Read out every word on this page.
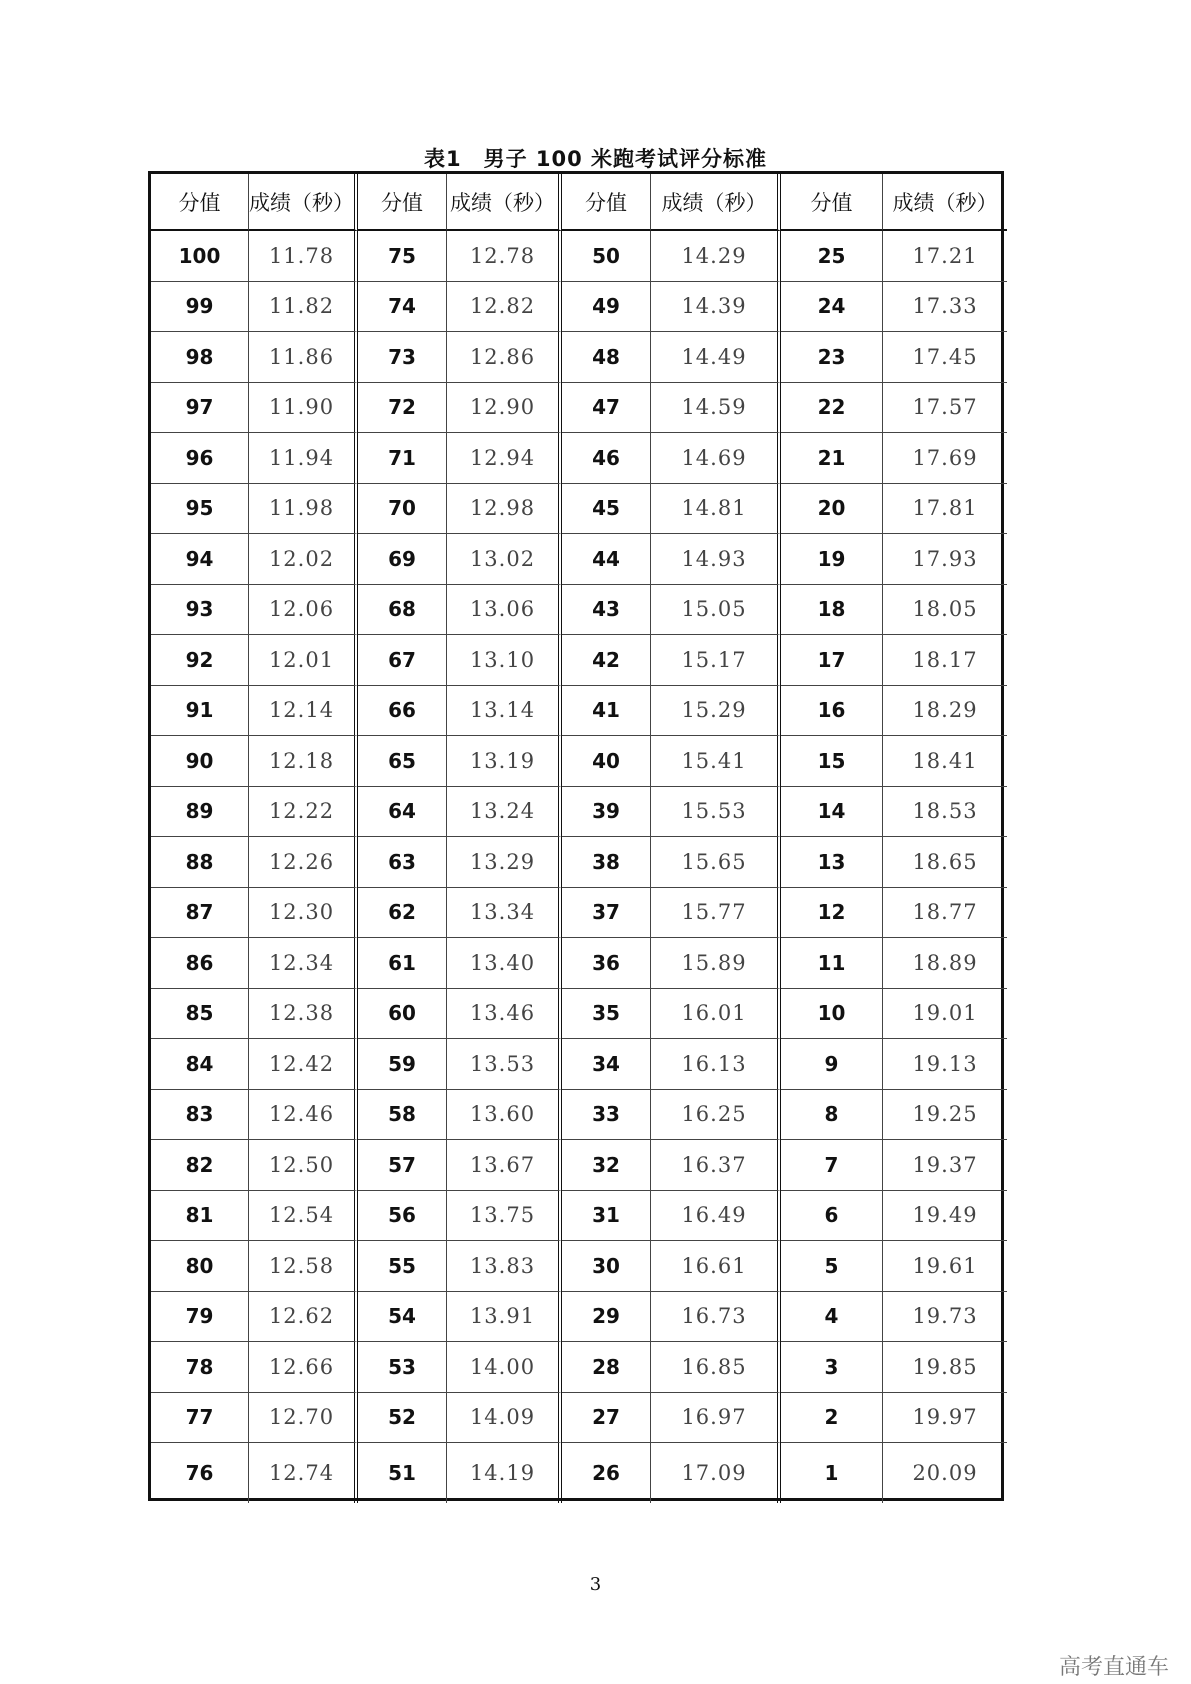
表1　男子 100 米跑考试评分标准
分值	成绩（秒）	分值	成绩（秒）	分值	成绩（秒）	分值	成绩（秒）
100	11.78	75	12.78	50	14.29	25	17.21
99	11.82	74	12.82	49	14.39	24	17.33
98	11.86	73	12.86	48	14.49	23	17.45
97	11.90	72	12.90	47	14.59	22	17.57
96	11.94	71	12.94	46	14.69	21	17.69
95	11.98	70	12.98	45	14.81	20	17.81
94	12.02	69	13.02	44	14.93	19	17.93
93	12.06	68	13.06	43	15.05	18	18.05
92	12.01	67	13.10	42	15.17	17	18.17
91	12.14	66	13.14	41	15.29	16	18.29
90	12.18	65	13.19	40	15.41	15	18.41
89	12.22	64	13.24	39	15.53	14	18.53
88	12.26	63	13.29	38	15.65	13	18.65
87	12.30	62	13.34	37	15.77	12	18.77
86	12.34	61	13.40	36	15.89	11	18.89
85	12.38	60	13.46	35	16.01	10	19.01
84	12.42	59	13.53	34	16.13	9	19.13
83	12.46	58	13.60	33	16.25	8	19.25
82	12.50	57	13.67	32	16.37	7	19.37
81	12.54	56	13.75	31	16.49	6	19.49
80	12.58	55	13.83	30	16.61	5	19.61
79	12.62	54	13.91	29	16.73	4	19.73
78	12.66	53	14.00	28	16.85	3	19.85
77	12.70	52	14.09	27	16.97	2	19.97
76	12.74	51	14.19	26	17.09	1	20.09
3
高考直通车
